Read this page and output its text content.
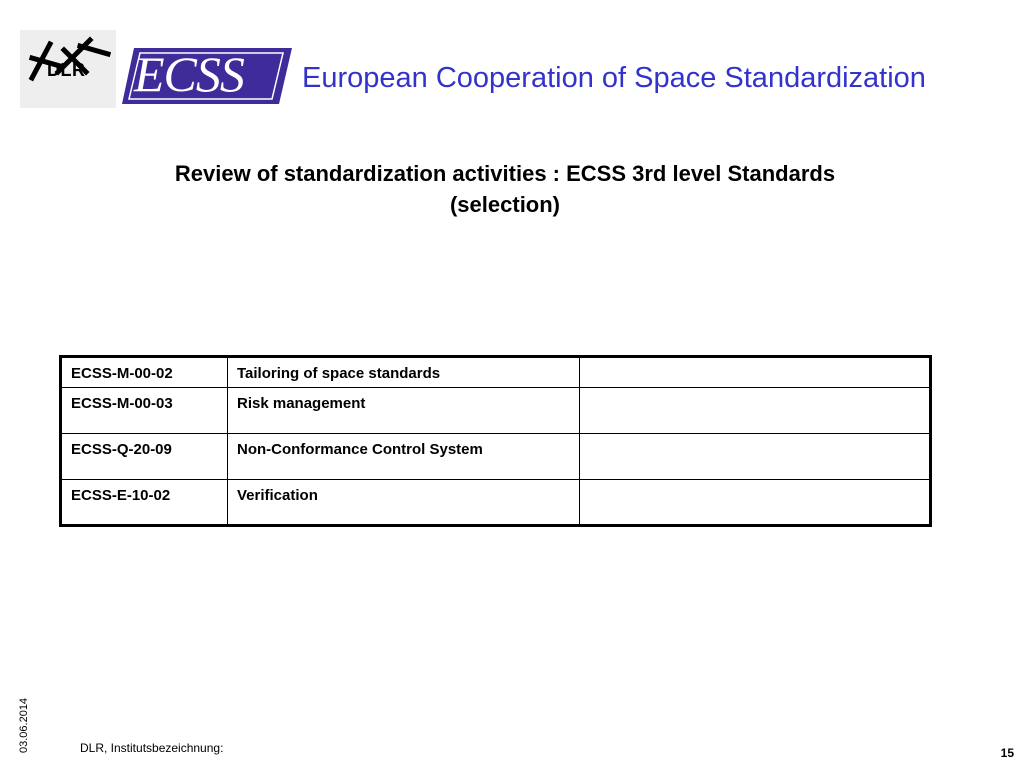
DLR ECSS European Cooperation of Space Standardization
Review of standardization activities : ECSS 3rd level Standards
(selection)
ECSS-M-00-02	Tailoring of space standards	
ECSS-M-00-03	Risk management	
ECSS-Q-20-09	Non-Conformance Control System	
ECSS-E-10-02	Verification	
03.06.2014	DLR, Institutsbezeichnung:	15
